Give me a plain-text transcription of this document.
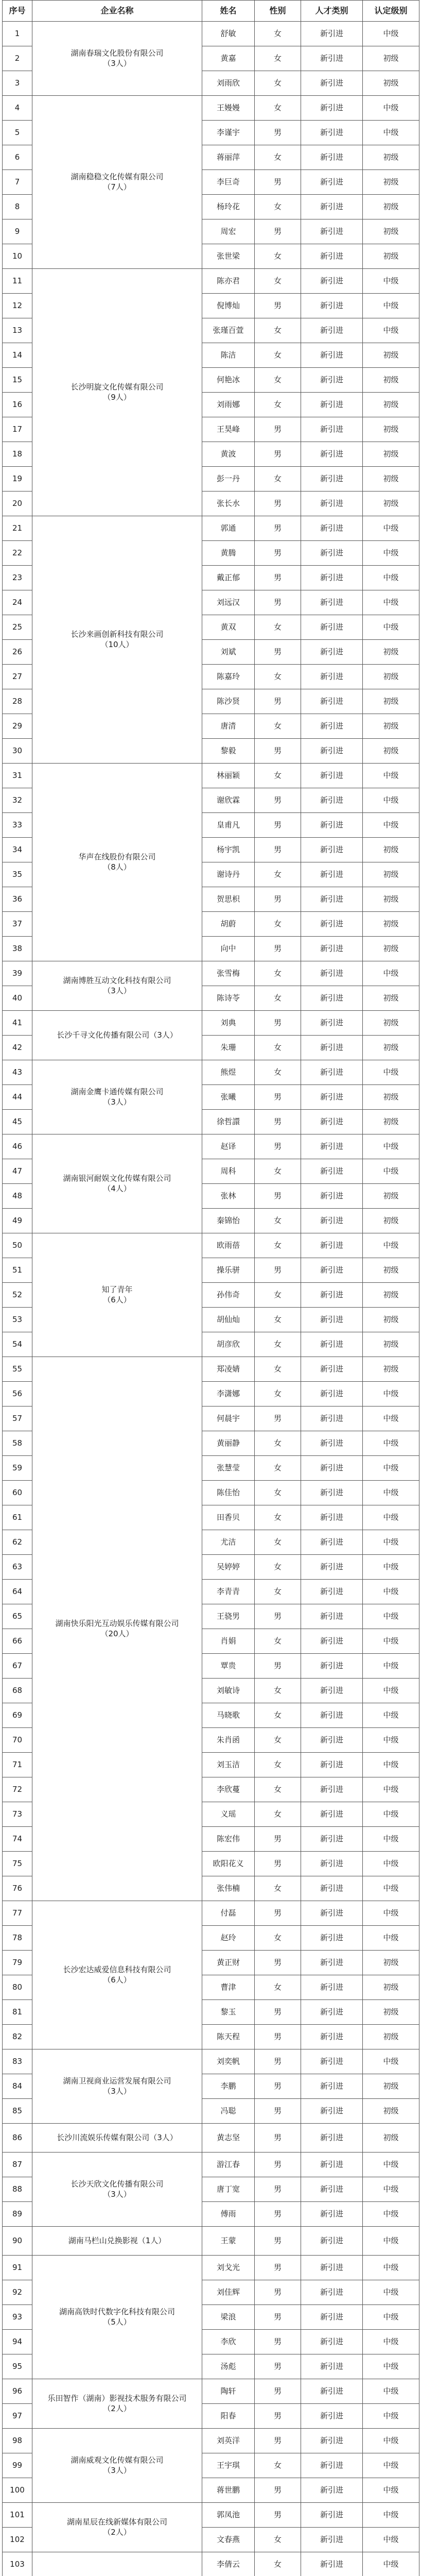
序号	企业名称	姓名	性别	人才类别	认定级别
1	湖南春瑞文化股份有限公司
（3人）	舒敏	女	新引进	中级
2		黄嘉	女	新引进	初级
3		刘雨欣	女	新引进	初级
4	湖南稳稳文化传媒有限公司
（7人）	王嫚嫚	女	新引进	中级
5		李谨宇	男	新引进	中级
6		蒋丽萍	女	新引进	初级
7		李巨奇	男	新引进	初级
8		杨玲花	女	新引进	初级
9		周宏	男	新引进	初级
10		张世梁	女	新引进	初级
11	长沙明旋文化传媒有限公司
（9人）	陈亦君	女	新引进	中级
12		倪博灿	男	新引进	中级
13		张瑾百萱	女	新引进	中级
14		陈洁	女	新引进	初级
15		何艳冰	女	新引进	初级
16		刘雨娜	女	新引进	初级
17		王昊峰	男	新引进	初级
18		黄波	男	新引进	初级
19		彭一丹	女	新引进	初级
20		张长水	男	新引进	初级
21	长沙来画创新科技有限公司
（10人）	郭通	男	新引进	中级
22		黄腾	男	新引进	中级
23		戴正郁	男	新引进	中级
24		刘远汉	男	新引进	中级
25		黄双	女	新引进	中级
26		刘斌	男	新引进	初级
27		陈嘉玲	女	新引进	初级
28		陈沙贤	男	新引进	初级
29		唐清	女	新引进	初级
30		黎毅	男	新引进	初级
31	华声在线股份有限公司
（8人）	林丽颖	女	新引进	中级
32		谢欣霖	男	新引进	中级
33		皇甫凡	男	新引进	中级
34		杨宇凯	男	新引进	初级
35		谢诗丹	女	新引进	初级
36		贺思枳	男	新引进	初级
37		胡蔚	女	新引进	初级
38		向中	男	新引进	初级
39	湖南博胜互动文化科技有限公司
（3人）	张雪梅	女	新引进	中级
40		陈诗苓	女	新引进	初级
41	长沙千寻文化传播有限公司（3人）	刘典	男	新引进	初级
42		朱珊	女	新引进	初级
43	湖南金鹰卡通传媒有限公司
（3人）	熊煜	女	新引进	中级
44		张曦	男	新引进	初级
45		徐哲譞	男	新引进	初级
46	湖南银河耐娱文化传媒有限公司
（4人）	赵译	男	新引进	中级
47		周科	女	新引进	中级
48		张林	男	新引进	初级
49		秦锦怡	女	新引进	初级
50	知了青年
（6人）	欧雨蓓	女	新引进	中级
51		操乐骈	男	新引进	初级
52		孙伟奇	女	新引进	初级
53		胡仙灿	女	新引进	初级
54		胡彦欣	女	新引进	初级
55	湖南快乐阳光互动娱乐传媒有限公司
（20人）	郑凌婧	女	新引进	初级
56		李潇娜	女	新引进	中级
57		何晨宇	男	新引进	中级
58		黄丽静	女	新引进	中级
59		张慧莹	女	新引进	中级
60		陈佳怡	女	新引进	中级
61		田香贝	女	新引进	中级
62		尤洁	女	新引进	中级
63		吴婷婷	女	新引进	中级
64		李青青	女	新引进	中级
65		王骁男	男	新引进	中级
66		肖娟	女	新引进	中级
67		覃贵	男	新引进	中级
68		刘敏诗	女	新引进	中级
69		马晓歌	女	新引进	中级
70		朱肖函	女	新引进	中级
71		刘玉洁	女	新引进	中级
72		李欣蔓	女	新引进	中级
73		义瑶	女	新引进	中级
74		陈宏伟	男	新引进	中级
75		欧阳花义	男	新引进	中级
76		张伟楠	女	新引进	中级
77	长沙宏达威爱信息科技有限公司
（6人）	付磊	男	新引进	中级
78		赵玲	女	新引进	中级
79		黄正财	男	新引进	初级
80		曹津	女	新引进	初级
81		黎玉	男	新引进	初级
82		陈天程	男	新引进	初级
83	湖南卫视商业运营发展有限公司
（3人）	刘奕帆	男	新引进	中级
84		李鹏	男	新引进	初级
85		冯聪	男	新引进	初级
86	长沙川流娱乐传媒有限公司（3人）	黄志坚	男	新引进	初级
87	长沙天欣文化传播有限公司
（3人）	游江春	男	新引进	中级
88		唐丁宽	男	新引进	中级
89		傅雨	男	新引进	中级
90	湖南马栏山兑换影视（1人）	王蒙	男	新引进	中级
91	湖南高铁时代数字化科技有限公司
（5人）	刘戈光	男	新引进	中级
92		刘佳辉	男	新引进	中级
93		梁浪	男	新引进	中级
94		李欣	男	新引进	中级
95		汤彪	男	新引进	中级
96	乐田智作（湖南）影视技术服务有限公司
（2人）	陶轩	男	新引进	中级
97		阳春	男	新引进	中级
98	湖南威观文化传媒有限公司
（3人）	刘英洋	男	新引进	中级
99		王宇琪	女	新引进	中级
100		蒋世鹏	男	新引进	中级
101	湖南星辰在线新媒体有限公司
（2人）	郭凤池	男	新引进	中级
102		文春燕	女	新引进	中级
103		李倩云	女	新引进	中级
